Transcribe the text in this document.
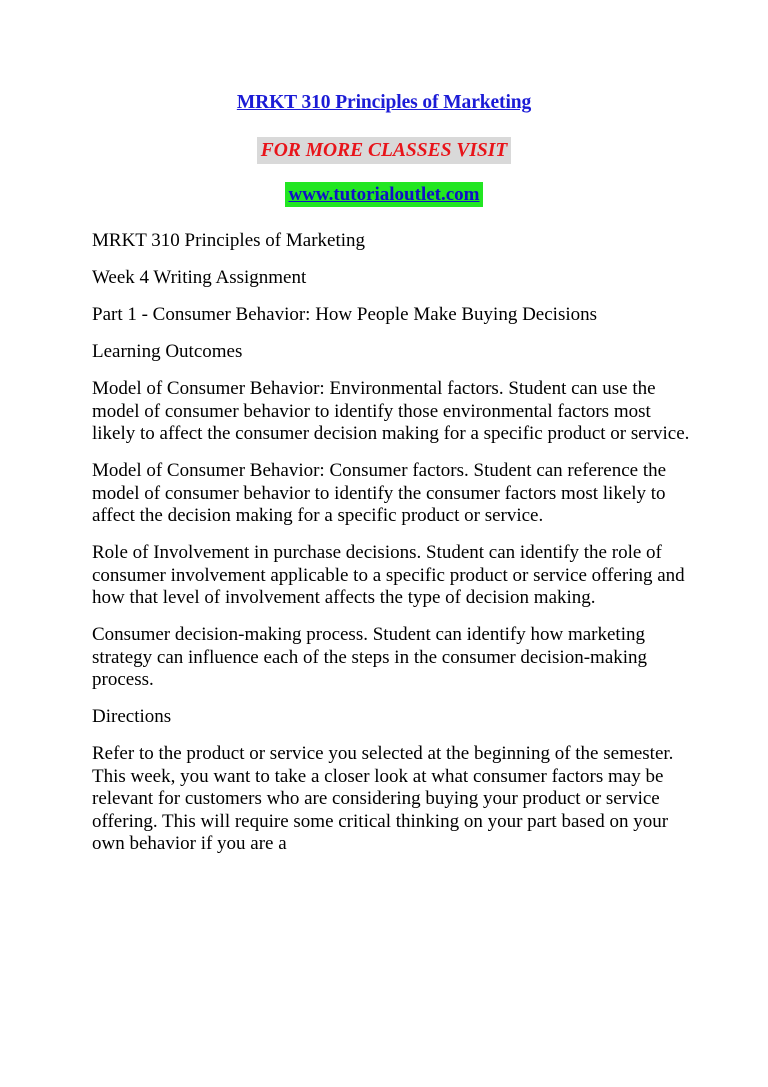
MRKT 310 Principles of Marketing
FOR MORE CLASSES VISIT
www.tutorialoutlet.com

MRKT 310 Principles of Marketing

Week 4 Writing Assignment

Part 1 - Consumer Behavior: How People Make Buying Decisions

Learning Outcomes

Model of Consumer Behavior: Environmental factors. Student can use the model of consumer behavior to identify those environmental factors most likely to affect the consumer decision making for a specific product or service.

Model of Consumer Behavior: Consumer factors. Student can reference the model of consumer behavior to identify the consumer factors most likely to affect the decision making for a specific product or service.

Role of Involvement in purchase decisions. Student can identify the role of consumer involvement applicable to a specific product or service offering and how that level of involvement affects the type of decision making.

Consumer decision-making process. Student can identify how marketing strategy can influence each of the steps in the consumer decision-making process.

Directions

Refer to the product or service you selected at the beginning of the semester. This week, you want to take a closer look at what consumer factors may be relevant for customers who are considering buying your product or service offering. This will require some critical thinking on your part based on your own behavior if you are a
